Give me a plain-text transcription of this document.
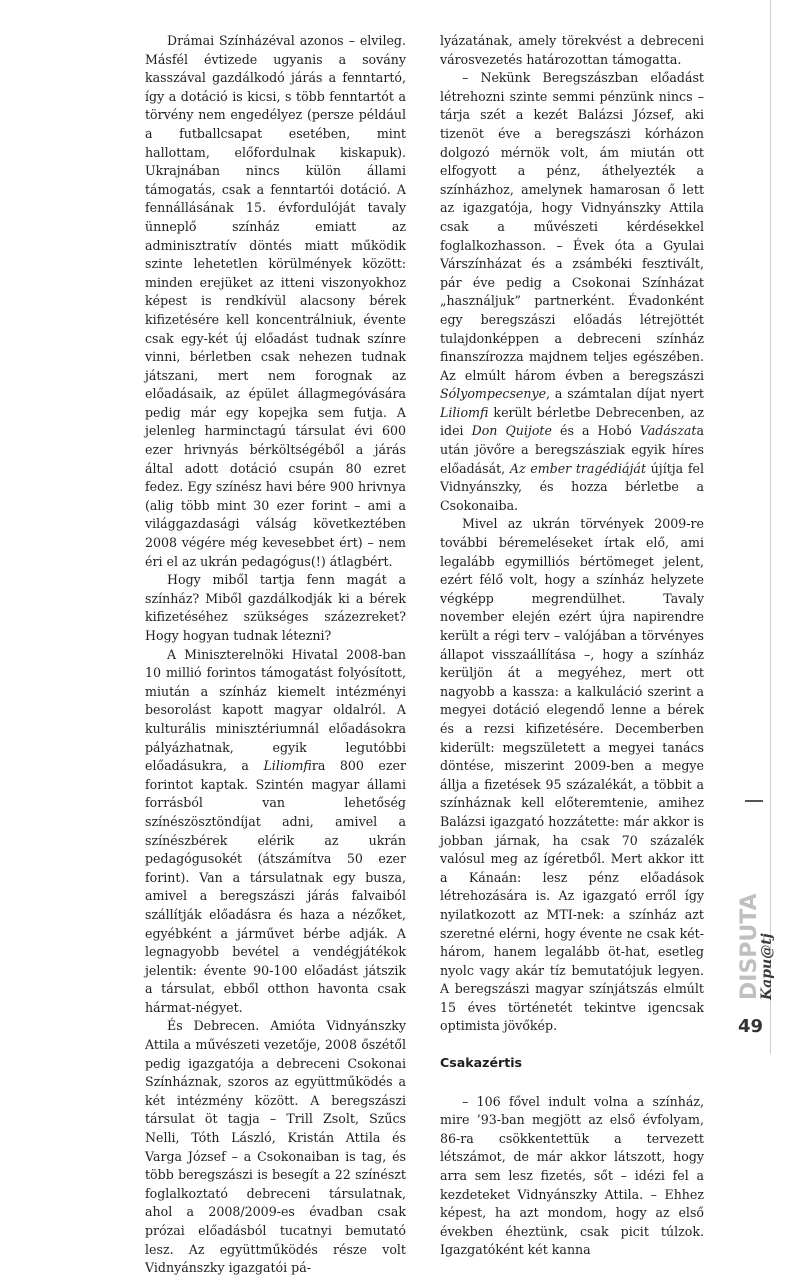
Drámai Színházéval azonos – elvileg. Másfél évtizede ugyanis a sovány kasszával gazdálkodó járás a fenntartó, így a dotáció is kicsi, s több fenntartót a törvény nem engedélyez (persze például a futballcsapat esetében, mint hallottam, előfordulnak kiskapuk). Ukrajnában nincs külön állami támogatás, csak a fenntartói dotáció. A fennállásának 15. évfordulóját tavaly ünneplő színház emiatt az adminisztratív döntés miatt működik szinte lehetetlen körülmények között: minden erejüket az itteni viszonyokhoz képest is rendkívül alacsony bérek kifizetésére kell koncentrálniuk, évente csak egy-két új előadást tudnak színre vinni, bérletben csak nehezen tudnak játszani, mert nem forognak az előadásaik, az épület állagmegóvására pedig már egy kopejka sem futja. A jelenleg harminctagú társulat évi 600 ezer hrivnyás bérköltségéből a járás által adott dotáció csupán 80 ezret fedez. Egy színész havi bére 900 hrivnya (alig több mint 30 ezer forint – ami a világgazdasági válság következtében 2008 végére még kevesebbet ért) – nem éri el az ukrán pedagógus(!) átlagbért.

Hogy miből tartja fenn magát a színház? Miből gazdálkodják ki a bérek kifizetéséhez szükséges százezreket? Hogy hogyan tudnak létezni?

A Miniszterelnöki Hivatal 2008-ban 10 millió forintos támogatást folyósított, miután a színház kiemelt intézményi besorolást kapott magyar oldalról. A kulturális minisztériumnál előadásokra pályázhatnak, egyik legutóbbi előadásukra, a Liliomfira 800 ezer forintot kaptak. Szintén magyar állami forrásból van lehetőség színészösztöndíjat adni, amivel a színészbérek elérik az ukrán pedagógusokét (átszámítva 50 ezer forint). Van a társulatnak egy busza, amivel a beregszászi járás falvaiból szállítják előadásra és haza a nézőket, egyébként a járművet bérbe adják. A legnagyobb bevétel a vendégjátékok jelentik: évente 90-100 előadást játszik a társulat, ebből otthon havonta csak hármat-négyet.

És Debrecen. Amióta Vidnyánszky Attila a művészeti vezetője, 2008 őszétől pedig igazgatója a debreceni Csokonai Színháznak, szoros az együttműködés a két intézmény között. A beregszászi társulat öt tagja – Trill Zsolt, Szűcs Nelli, Tóth László, Kristán Attila és Varga József – a Csokonaiban is tag, és több beregszászi is besegít a 22 színészt foglalkoztató debreceni társulatnak, ahol a 2008/2009-es évadban csak prózai előadásból tucatnyi bemutató lesz. Az együttműködés része volt Vidnyánszky igazgatói pá-

lyázatának, amely törekvést a debreceni városvezetés határozottan támogatta.

– Nekünk Beregszászban előadást létrehozni szinte semmi pénzünk nincs – tárja szét a kezét Balázsi József, aki tizenöt éve a beregszászi kórházon dolgozó mérnök volt, ám miután ott elfogyott a pénz, áthelyezték a színházhoz, amelynek hamarosan ő lett az igazgatója, hogy Vidnyánszky Attila csak a művészeti kérdésekkel foglalkozhasson. – Évek óta a Gyulai Várszínházat és a zsámbéki fesztivált, pár éve pedig a Csokonai Színházat „használjuk” partnerként. Évadonként egy beregszászi előadás létrejöttét tulajdonképpen a debreceni színház finanszírozza majdnem teljes egészében. Az elmúlt három évben a beregszászi Sólyompecsenye, a számtalan díjat nyert Liliomfi került bérletbe Debrecenben, az idei Don Quijote és a Hobó Vadászata után jövőre a beregszásziak egyik híres előadását, Az ember tragédiáját újítja fel Vidnyánszky, és hozza bérletbe a Csokonaiba.

Mivel az ukrán törvények 2009-re további béremeléseket írtak elő, ami legalább egymilliós bértömeget jelent, ezért félő volt, hogy a színház helyzete végképp megrendülhet. Tavaly november elején ezért újra napirendre került a régi terv – valójában a törvényes állapot visszaállítása –, hogy a színház kerüljön át a megyéhez, mert ott nagyobb a kassza: a kalkuláció szerint a megyei dotáció elegendő lenne a bérek és a rezsi kifizetésére. Decemberben kiderült: megszületett a megyei tanács döntése, miszerint 2009-ben a megye állja a fizetések 95 százalékát, a többit a színháznak kell előteremtenie, amihez Balázsi igazgató hozzátette: már akkor is jobban járnak, ha csak 70 százalék valósul meg az ígéretből. Mert akkor itt a Kánaán: lesz pénz előadások létrehozására is. Az igazgató erről így nyilatkozott az MTI-nek: a színház azt szeretné elérni, hogy évente ne csak két-három, hanem legalább öt-hat, esetleg nyolc vagy akár tíz bemutatójuk legyen. A beregszászi magyar színjátszás elmúlt 15 éves történetét tekintve igencsak optimista jövőkép.

Csakazértis

– 106 fővel indult volna a színház, mire ’93-ban megjött az első évfolyam, 86-ra csökkentettük a tervezett létszámot, de már akkor látszott, hogy arra sem lesz fizetés, sőt – idézi fel a kezdeteket Vidnyánszky Attila. – Ehhez képest, ha azt mondom, hogy az első években éheztünk, csak picit túlzok. Igazgatóként két kanna

DISPUTA
Kapu@tj
49
